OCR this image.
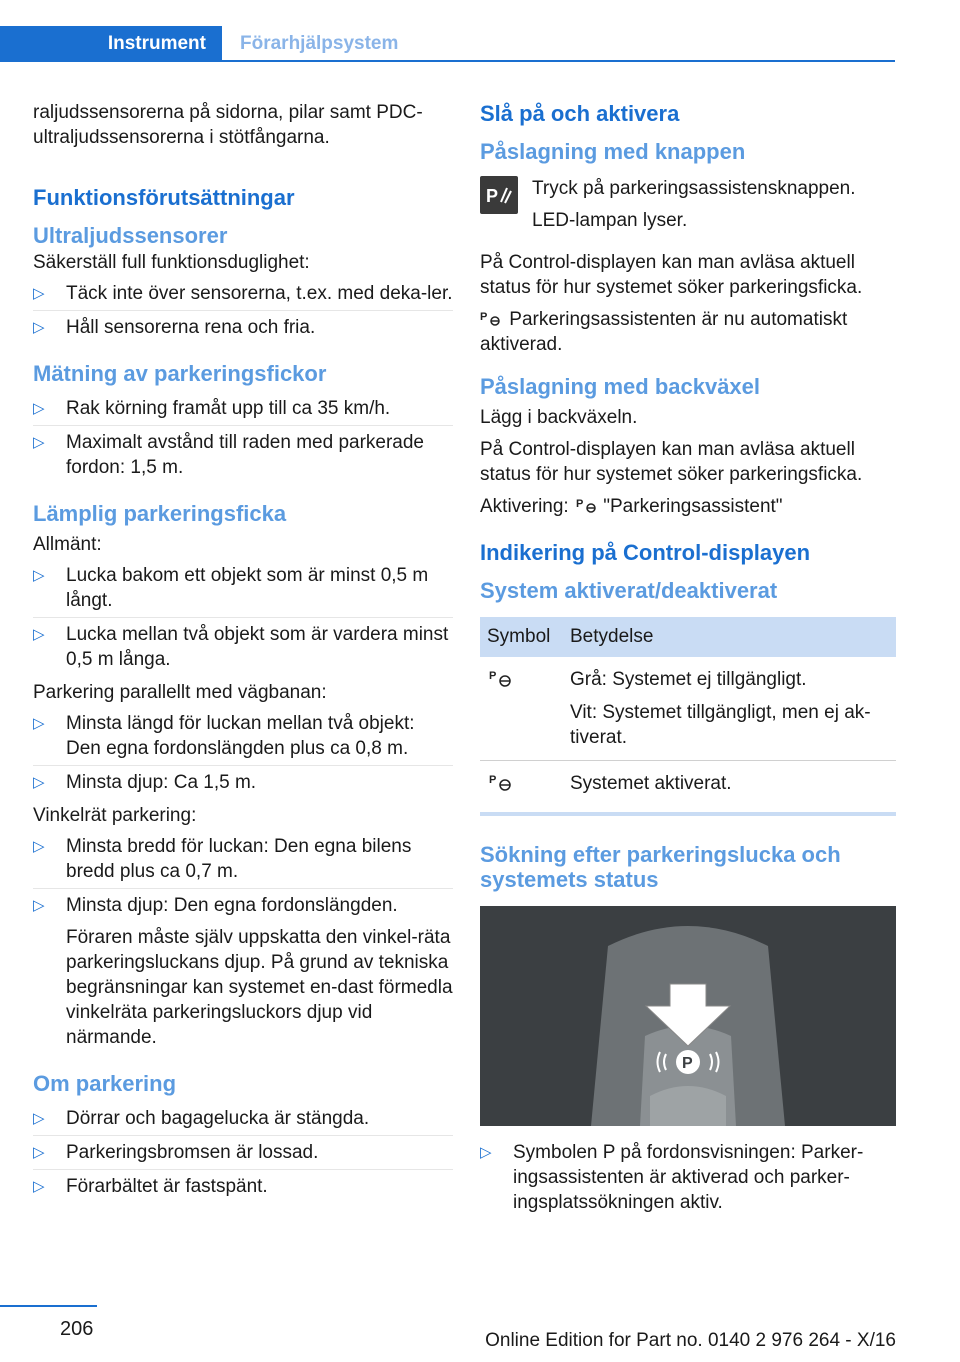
Instrument	Förarhjälpsystem

raljudssensorerna på sidorna, pilar samt PDC-ultraljudssensorerna i stötfångarna.

Funktionsförutsättningar
Ultraljudssensorer

Säkerställ full funktionsduglighet:

▷ Täck inte över sensorerna, t.ex. med deka-ler.
▷ Håll sensorerna rena och fria.
Mätning av parkeringsfickor
▷ Rak körning framåt upp till ca 35 km/h.
▷ Maximalt avstånd till raden med parkerade fordon: 1,5 m.
Lämplig parkeringsficka

Allmänt:

▷ Lucka bakom ett objekt som är minst 0,5 m långt.
▷ Lucka mellan två objekt som är vardera minst 0,5 m långa.

Parkering parallellt med vägbanan:

▷ Minsta längd för luckan mellan två objekt: Den egna fordonslängden plus ca 0,8 m.
▷ Minsta djup: Ca 1,5 m.

Vinkelrät parkering:

▷ Minsta bredd för luckan: Den egna bilens bredd plus ca 0,7 m.
▷ Minsta djup: Den egna fordonslängden.
Föraren måste själv uppskatta den vinkel-räta parkeringsluckans djup. På grund av tekniska begränsningar kan systemet en-dast förmedla vinkelräta parkeringsluckors djup vid närmande.
Om parkering
▷ Dörrar och bagagelucka är stängda.
▷ Parkeringsbromsen är lossad.
▷ Förarbältet är fastspänt.
Slå på och aktivera
Påslagning med knappen
P Tryck på parkeringsassistensknappen.

LED-lampan lyser.

På Control-displayen kan man avläsa aktuell status för hur systemet söker parkeringsficka.

P Parkeringsassistenten är nu automatiskt aktiverad.

Påslagning med backväxel

Lägg i backväxeln.

På Control-displayen kan man avläsa aktuell status för hur systemet söker parkeringsficka.

Aktivering: P "Parkeringsassistent"

Indikering på Control-displayen
System aktiverat/deaktiverat
Symbol	Betydelse

P	Grå: Systemet ej tillgängligt.
Vit: Systemet tillgängligt, men ej ak-tiverat.

P	Systemet aktiverat.
Sökning efter parkeringslucka och systemets status
P
▷ Symbolen P på fordonsvisningen: Parker-ingsassistenten är aktiverad och parker-ingsplatssökningen aktiv.
206
Online Edition for Part no. 0140 2 976 264 - X/16
